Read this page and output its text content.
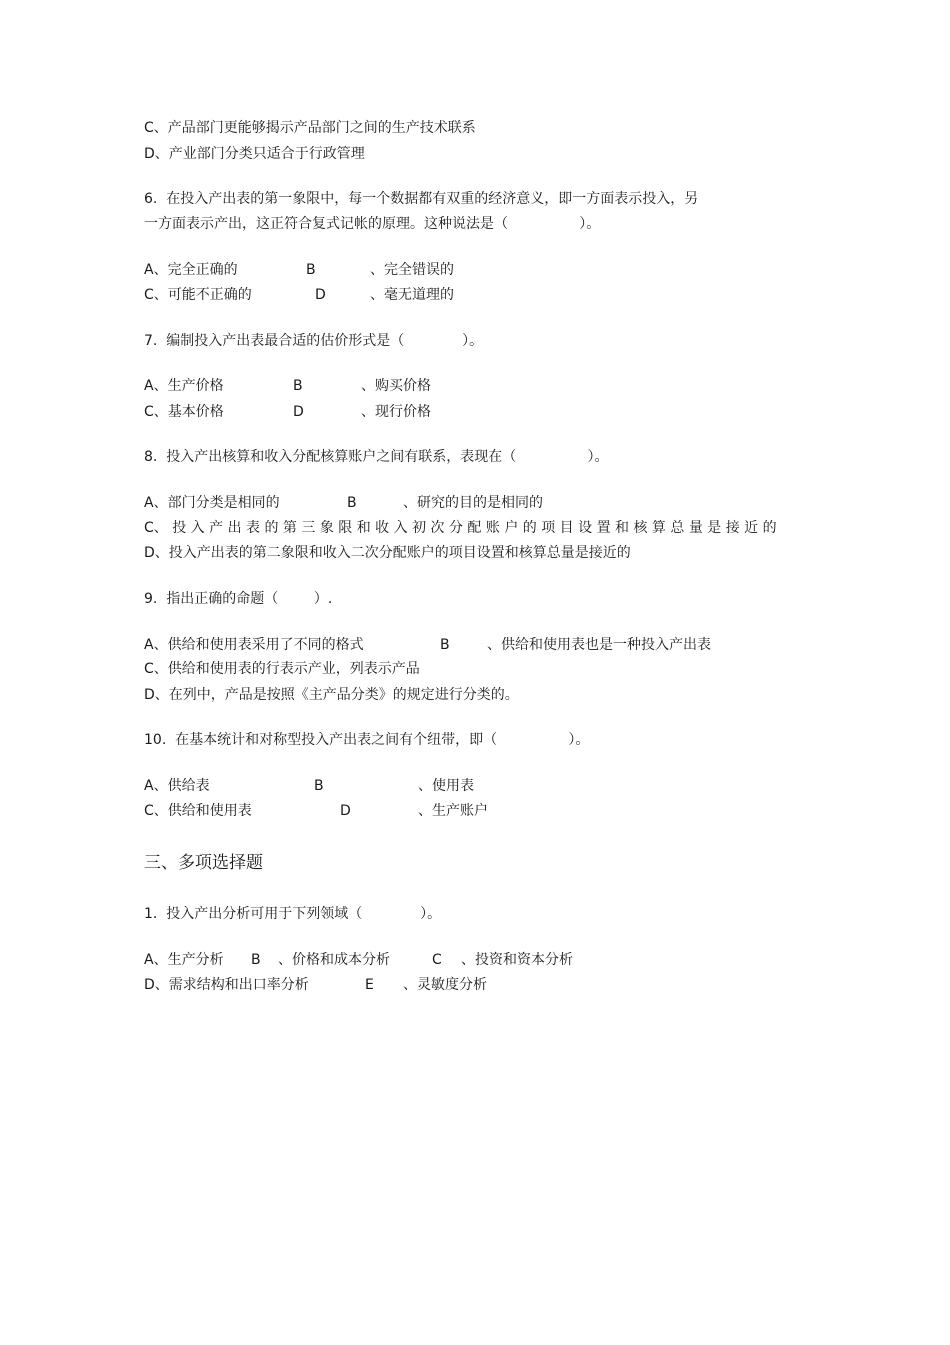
C、产品部门更能够揭示产品部门之间的生产技术联系
D、产业部门分类只适合于行政管理
6.  在投入产出表的第一象限中，每一个数据都有双重的经济意义，即一方面表示投入，另
一方面表示产出，这正符合复式记帐的原理。这种说法是（                ）。
A、完全正确的	B	、完全错误的
C、可能不正确的	D	、毫无道理的
7.  编制投入产出表最合适的估价形式是（             ）。
A、生产价格	B	、购买价格
C、基本价格	D	、现行价格
8.  投入产出核算和收入分配核算账户之间有联系，表现在（                ）。
A、部门分类是相同的	B	、研究的目的是相同的
C、 投 入 产 出 表 的 第 三 象 限 和 收 入 初 次 分 配 账 户 的 项 目 设 置 和 核 算 总 量 是 接 近 的
D、投入产出表的第二象限和收入二次分配账户的项目设置和核算总量是接近的
9.  指出正确的命题（        ）.
A、供给和使用表采用了不同的格式	B	、供给和使用表也是一种投入产出表
C、供给和使用表的行表示产业，列表示产品
D、在列中，产品是按照《主产品分类》的规定进行分类的。
10.  在基本统计和对称型投入产出表之间有个纽带，即（                ）。
A、供给表	B	、使用表
C、供给和使用表	D	、生产账户
三、多项选择题
1.  投入产出分析可用于下列领域（             ）。
A、生产分析 B 、价格和成本分析	C 、投资和资本分析
D、需求结构和出口率分析	E 、灵敏度分析
